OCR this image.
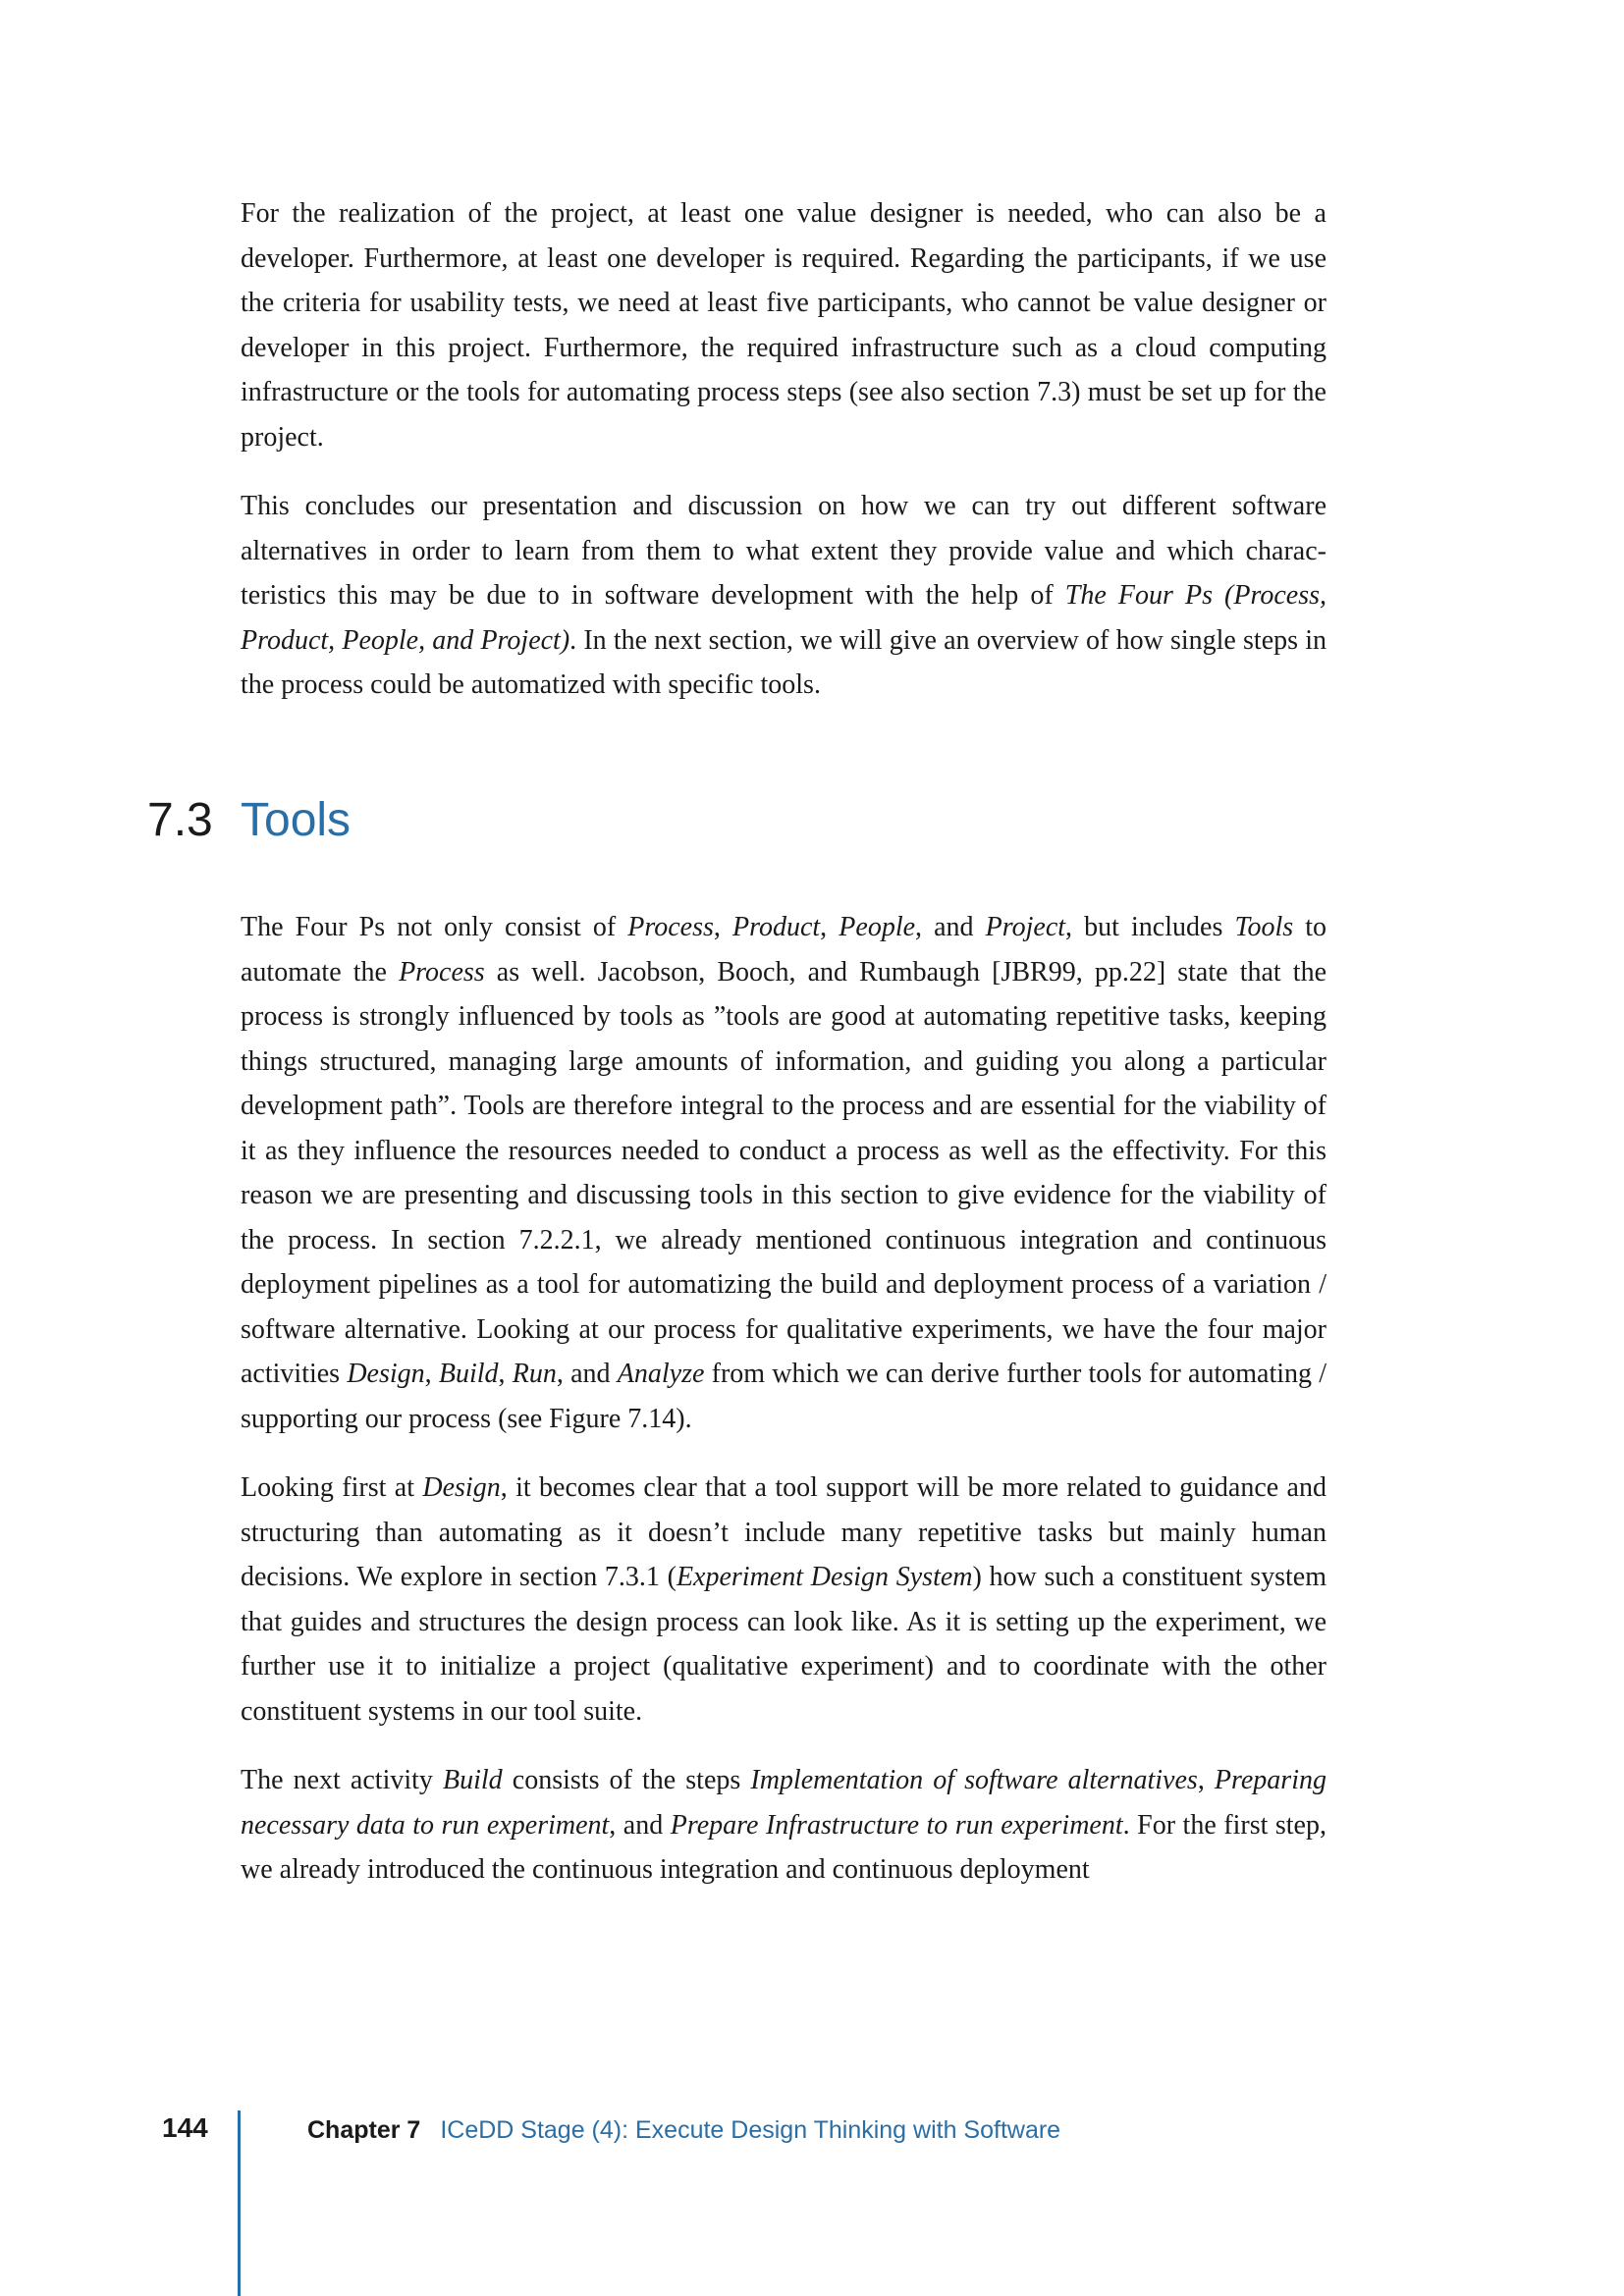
For the realization of the project, at least one value designer is needed, who can also be a developer. Furthermore, at least one developer is required. Regarding the participants, if we use the criteria for usability tests, we need at least five participants, who cannot be value designer or developer in this project. Furthermore, the required infrastructure such as a cloud computing infrastructure or the tools for automating process steps (see also section 7.3) must be set up for the project.

This concludes our presentation and discussion on how we can try out different software alternatives in order to learn from them to what extent they provide value and which characteristics this may be due to in software development with the help of The Four Ps (Process, Product, People, and Project). In the next section, we will give an overview of how single steps in the process could be automatized with specific tools.

7.3 Tools

The Four Ps not only consist of Process, Product, People, and Project, but includes Tools to automate the Process as well. Jacobson, Booch, and Rumbaugh [JBR99, pp.22] state that the process is strongly influenced by tools as ”tools are good at automating repetitive tasks, keeping things structured, managing large amounts of information, and guiding you along a particular development path”. Tools are therefore integral to the process and are essential for the viability of it as they influence the resources needed to conduct a process as well as the effectivity. For this reason we are presenting and discussing tools in this section to give evidence for the viability of the process. In section 7.2.2.1, we already mentioned continuous integration and continuous deployment pipelines as a tool for automatizing the build and deployment process of a variation / software alternative. Looking at our process for qualitative experiments, we have the four major activities Design, Build, Run, and Analyze from which we can derive further tools for automating / supporting our process (see Figure 7.14).

Looking first at Design, it becomes clear that a tool support will be more related to guidance and structuring than automating as it doesn’t include many repetitive tasks but mainly human decisions. We explore in section 7.3.1 (Experiment Design System) how such a constituent system that guides and structures the design process can look like. As it is setting up the experiment, we further use it to initialize a project (qualitative experiment) and to coordinate with the other constituent systems in our tool suite.

The next activity Build consists of the steps Implementation of software alternatives, Preparing necessary data to run experiment, and Prepare Infrastructure to run experiment. For the first step, we already introduced the continuous integration and continuous deployment

144	Chapter 7 ICeDD Stage (4): Execute Design Thinking with Software
